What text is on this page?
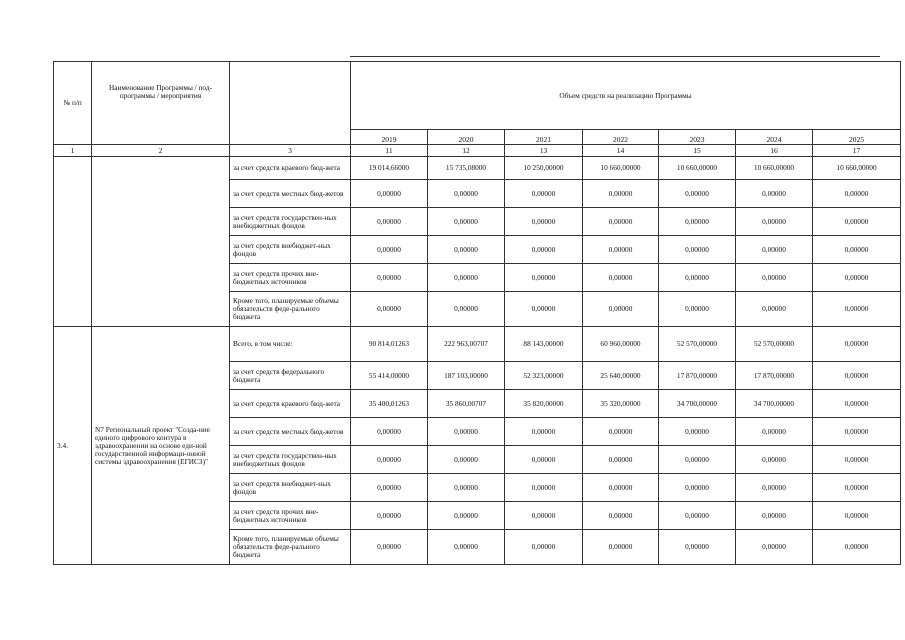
№ п/п	Наименование Программы / под-программы / мероприятия		Объем средств на реализацию Программы						
			2019	2020	2021	2022	2023	2024	2025
1	2	3	11	12	13	14	15	16	17
		за счет средств краевого бюд-жета	19 014,66000	15 735,08000	10 250,00000	10 660,00000	10 660,00000	10 660,00000	10 660,00000
		за счет средств местных бюд-жетов	0,00000	0,00000	0,00000	0,00000	0,00000	0,00000	0,00000
		за счет средств государствен-ных внебюджетных фондов	0,00000	0,00000	0,00000	0,00000	0,00000	0,00000	0,00000
		за счет средств внебюджет-ных фондов	0,00000	0,00000	0,00000	0,00000	0,00000	0,00000	0,00000
		за счет средств прочих вне-бюджетных источников	0,00000	0,00000	0,00000	0,00000	0,00000	0,00000	0,00000
		Кроме того, планируемые объемы обязательств феде-рального бюджета	0,00000	0,00000	0,00000	0,00000	0,00000	0,00000	0,00000
3.4.	N7 Региональный проект "Созда-ние единого цифрового контура в здравоохранении на основе еди-ной государственной информаци-онной системы здравоохранения (ЕГИСЗ)"	Всего, в том числе:	90 814,01263	222 963,00707	88 143,00000	60 960,00000	52 570,00000	52 570,00000	0,00000
		за счет средств федерального бюджета	55 414,00000	187 103,00000	52 323,00000	25 640,00000	17 870,00000	17 870,00000	0,00000
		за счет средств краевого бюд-жета	35 400,01263	35 860,00707	35 820,00000	35 320,00000	34 700,00000	34 700,00000	0,00000
		за счет средств местных бюд-жетов	0,00000	0,00000	0,00000	0,00000	0,00000	0,00000	0,00000
		за счет средств государствен-ных внебюджетных фондов	0,00000	0,00000	0,00000	0,00000	0,00000	0,00000	0,00000
		за счет средств внебюджет-ных фондов	0,00000	0,00000	0,00000	0,00000	0,00000	0,00000	0,00000
		за счет средств прочих вне-бюджетных источников	0,00000	0,00000	0,00000	0,00000	0,00000	0,00000	0,00000
		Кроме того, планируемые объемы обязательств феде-рального бюджета	0,00000	0,00000	0,00000	0,00000	0,00000	0,00000	0,00000
